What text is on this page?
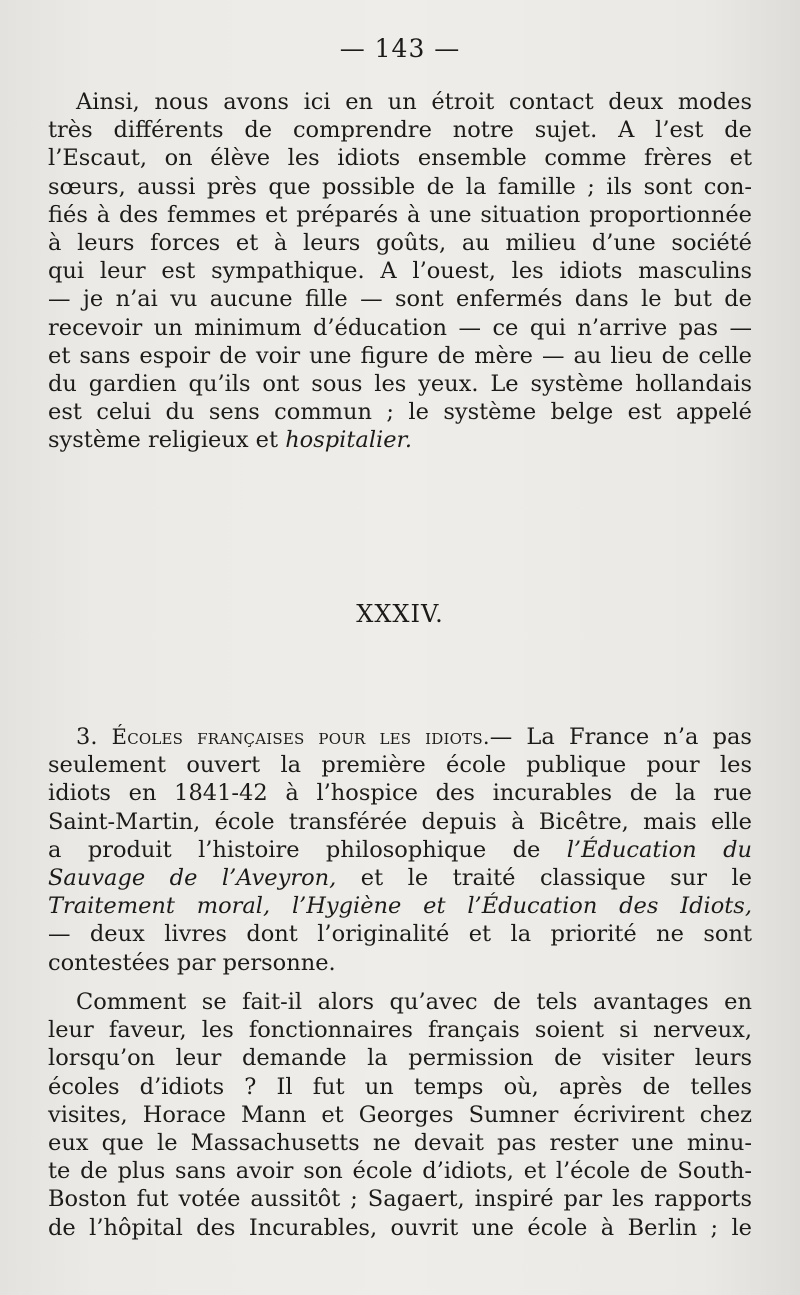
— 143 —

Ainsi, nous avons ici en un étroit contact deux modes
très différents de comprendre notre sujet. A l’est de
l’Escaut, on élève les idiots ensemble comme frères et
sœurs, aussi près que possible de la famille ; ils sont con-
fiés à des femmes et préparés à une situation proportionnée
à leurs forces et à leurs goûts, au milieu d’une société
qui leur est sympathique. A l’ouest, les idiots masculins
— je n’ai vu aucune fille — sont enfermés dans le but de
recevoir un minimum d’éducation — ce qui n’arrive pas —
et sans espoir de voir une figure de mère — au lieu de celle
du gardien qu’ils ont sous les yeux. Le système hollandais
est celui du sens commun ; le système belge est appelé
système religieux et hospitalier.

XXXIV.

3. Écoles françaises pour les idiots.— La France n’a pas
seulement ouvert la première école publique pour les
idiots en 1841-42 à l’hospice des incurables de la rue
Saint-Martin, école transférée depuis à Bicêtre, mais elle
a produit l’histoire philosophique de l’Éducation du
Sauvage de l’Aveyron, et le traité classique sur le
Traitement moral, l’Hygiène et l’Éducation des Idiots,
— deux livres dont l’originalité et la priorité ne sont
contestées par personne.

Comment se fait-il alors qu’avec de tels avantages en
leur faveur, les fonctionnaires français soient si nerveux,
lorsqu’on leur demande la permission de visiter leurs
écoles d’idiots ? Il fut un temps où, après de telles
visites, Horace Mann et Georges Sumner écrivirent chez
eux que le Massachusetts ne devait pas rester une minu-
te de plus sans avoir son école d’idiots, et l’école de South-
Boston fut votée aussitôt ; Sagaert, inspiré par les rapports
de l’hôpital des Incurables, ouvrit une école à Berlin ; le
